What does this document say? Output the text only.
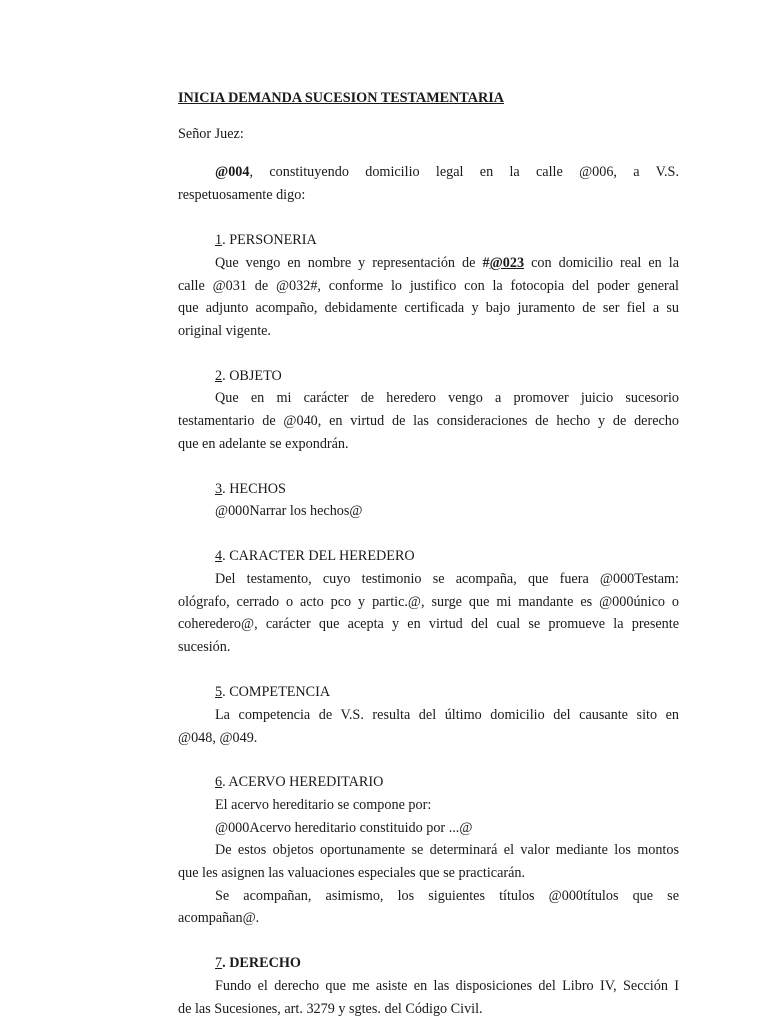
INICIA DEMANDA SUCESION TESTAMENTARIA
Señor Juez:
@004, constituyendo domicilio legal en la calle @006, a V.S.
respetuosamente digo:
1. PERSONERIA
Que vengo en nombre y representación de #@023 con domicilio real en la
calle @031 de @032#, conforme lo justifico con la fotocopia del poder general
que adjunto acompaño, debidamente certificada y bajo juramento de ser fiel a su
original vigente.
2. OBJETO
Que en mi carácter de heredero vengo a promover juicio sucesorio
testamentario de @040, en virtud de las consideraciones de hecho y de derecho
que en adelante se expondrán.
3. HECHOS
@000Narrar los hechos@
4. CARACTER DEL HEREDERO
Del testamento, cuyo testimonio se acompaña, que fuera @000Testam:
ológrafo, cerrado o acto pco y partic.@, surge que mi mandante es @000único o
coheredero@, carácter que acepta y en virtud del cual se promueve la presente
sucesión.
5. COMPETENCIA
La competencia de V.S. resulta del último domicilio del causante sito en
@048, @049.
6. ACERVO HEREDITARIO
El acervo hereditario se compone por:
@000Acervo hereditario constituido por ...@
De estos objetos oportunamente se determinará el valor mediante los montos
que les asignen las valuaciones especiales que se practicarán.
Se acompañan, asimismo, los siguientes títulos @000títulos que se
acompañan@.
7. DERECHO
Fundo el derecho que me asiste en las disposiciones del Libro IV, Sección I
de las Sucesiones, art. 3279 y sgtes. del Código Civil.
